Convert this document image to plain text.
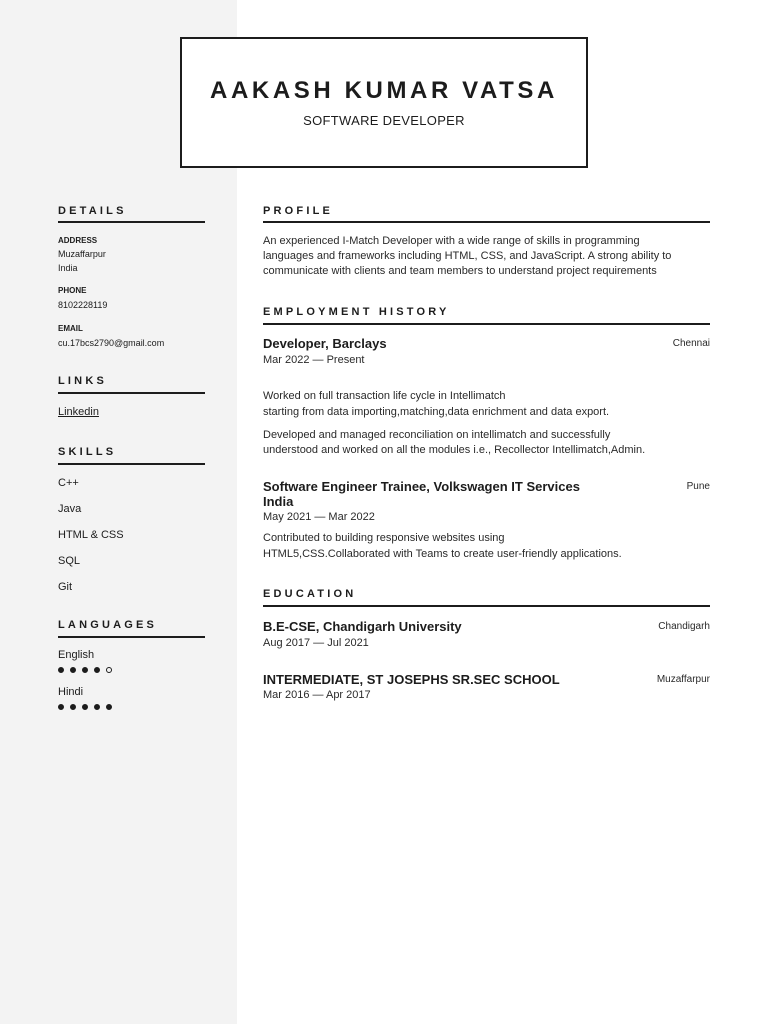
AAKASH KUMAR VATSA
SOFTWARE DEVELOPER
DETAILS
ADDRESS
Muzaffarpur
India
PHONE
8102228119
EMAIL
cu.17bcs2790@gmail.com
LINKS
Linkedin
SKILLS
C++
Java
HTML & CSS
SQL
Git
LANGUAGES
English
Hindi
PROFILE
An experienced I-Match Developer with a wide range of skills in programming
languages and frameworks including HTML, CSS, and JavaScript. A strong ability to
communicate with clients and team members to understand project requirements
EMPLOYMENT HISTORY
Developer, Barclays	Chennai
Mar 2022 — Present
Worked on full transaction life cycle in Intellimatch
starting from data importing,matching,data enrichment and data export.
Developed and managed reconciliation on intellimatch and successfully
understood and worked on all the modules i.e., Recollector Intellimatch,Admin.
Software Engineer Trainee, Volkswagen IT Services
India
Pune
May 2021 — Mar 2022
Contributed to building responsive websites using
HTML5,CSS.Collaborated with Teams to create user-friendly applications.
EDUCATION
B.E-CSE, Chandigarh University	Chandigarh
Aug 2017 — Jul 2021
INTERMEDIATE, ST JOSEPHS SR.SEC SCHOOL	Muzaffarpur
Mar 2016 — Apr 2017
